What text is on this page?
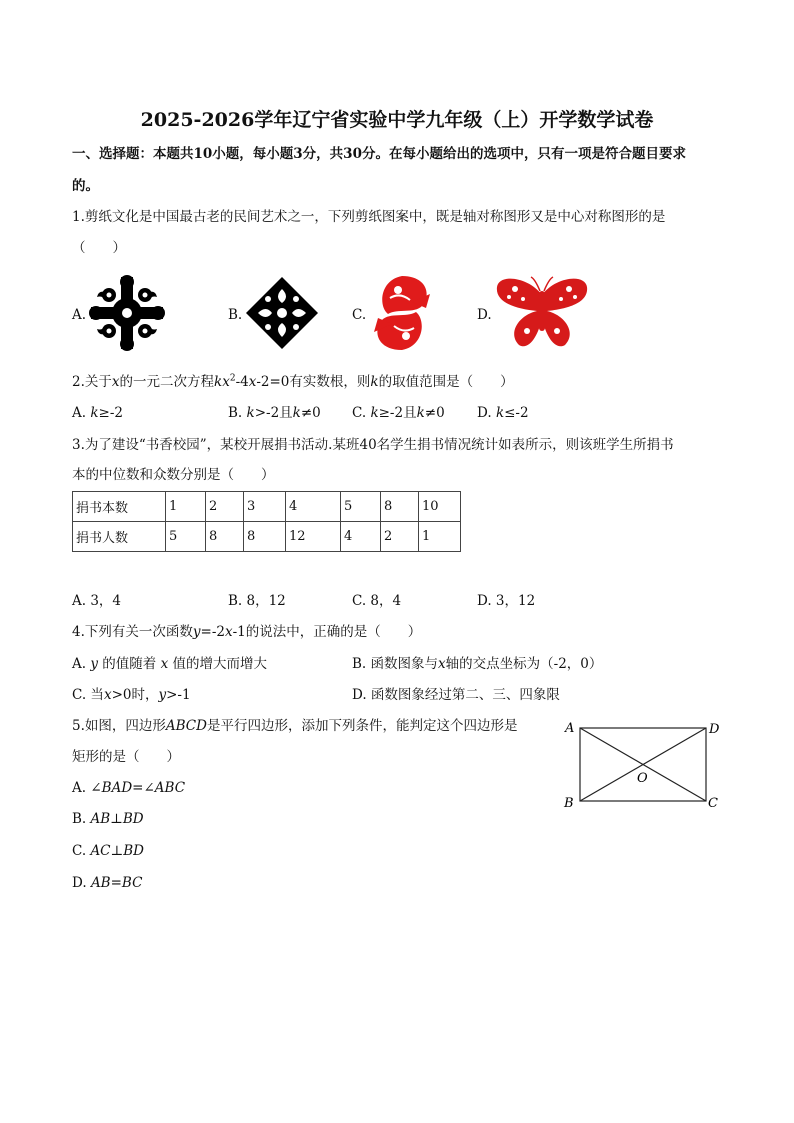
2025-2026学年辽宁省实验中学九年级（上）开学数学试卷
一、选择题：本题共10小题，每小题3分，共30分。在每小题给出的选项中，只有一项是符合题目要求
的。
1.剪纸文化是中国最古老的民间艺术之一，下列剪纸图案中，既是轴对称图形又是中心对称图形的是
（　　）
A.	B.	C.	D.
2.关于x的一元二次方程$kx^2-4x-2=0$有实数根，则k的取值范围是（　　）
A. k≥-2	B. k>-2且k≠0 C. k≥-2且k≠0 D. k≤-2
3.为了建设“书香校园”，某校开展捐书活动.某班40名学生捐书情况统计如表所示，则该班学生所捐书
本的中位数和众数分别是（　　）
捐书本数	1	2	3	4	5	8	10
捐书人数	5	8	8	12	4	2	1
A. 3，4	B. 8，12	C. 8，4	D. 3，12
4.下列有关一次函数y=-2x-1的说法中，正确的是（　　）
A. y 的值随着 x 值的增大而增大	B. 函数图象与x轴的交点坐标为（-2，0）
C. 当x>0时，y>-1	D. 函数图象经过第二、三、四象限
5.如图，四边形ABCD是平行四边形，添加下列条件，能判定这个四边形是
矩形的是（　　）
A. ∠BAD=∠ABC
B. AB⊥BD
C. AC⊥BD
D. AB=BC
A	D
B	C
O
